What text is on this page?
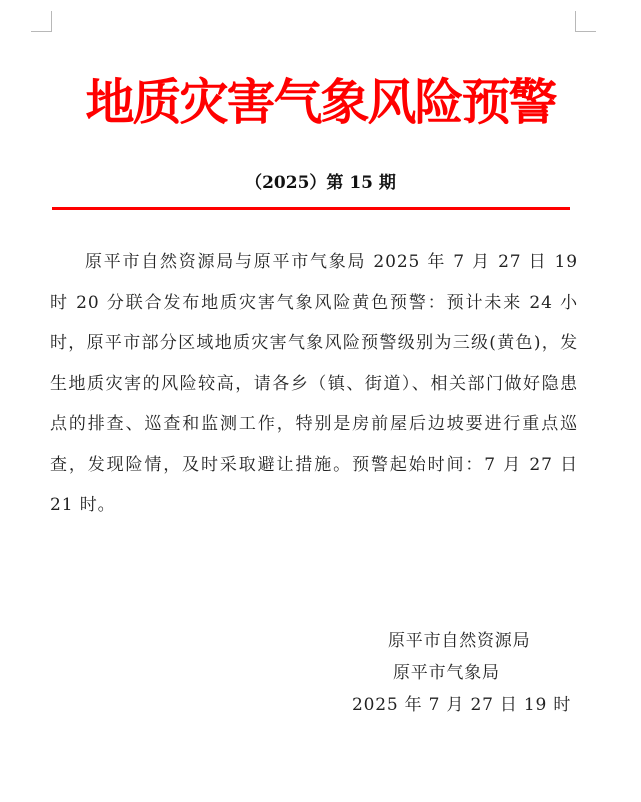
地质灾害气象风险预警
（2025）第 15 期

原平市自然资源局与原平市气象局 2025 年 7 月 27 日 19 时 20 分联合发布地质灾害气象风险黄色预警：预计未来 24 小时，原平市部分区域地质灾害气象风险预警级别为三级(黄色)，发生地质灾害的风险较高，请各乡（镇、街道）、相关部门做好隐患点的排查、巡查和监测工作，特别是房前屋后边坡要进行重点巡查，发现险情，及时采取避让措施。预警起始时间：7 月 27 日 21 时。

原平市自然资源局
原平市气象局
2025 年 7 月 27 日 19 时
